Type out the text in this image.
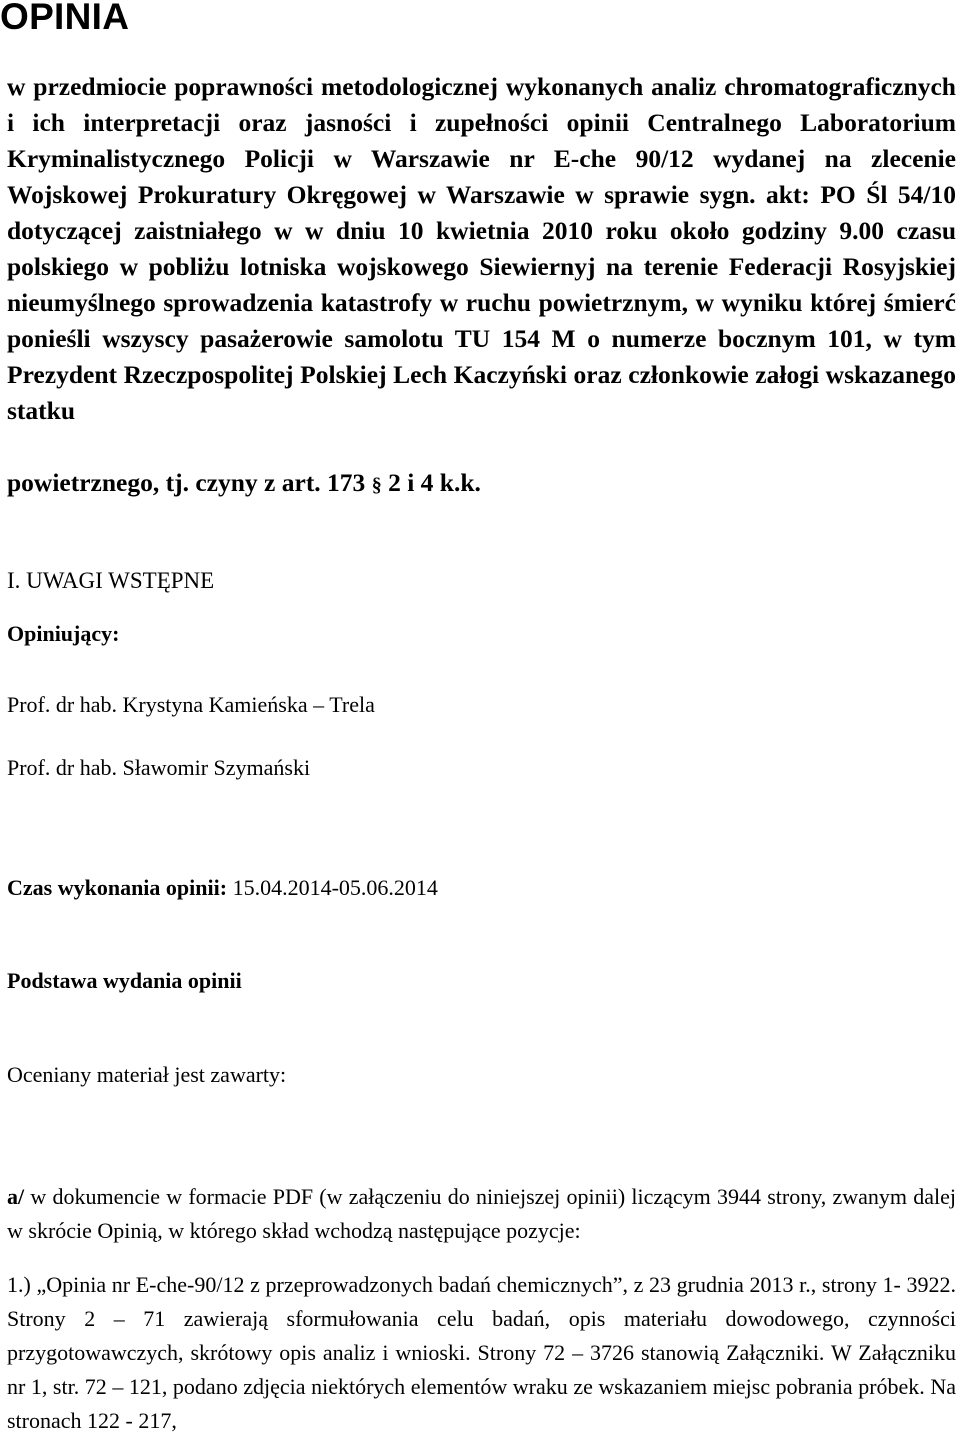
OPINIA

w przedmiocie poprawności metodologicznej wykonanych analiz chromatograficznych i ich interpretacji oraz jasności i zupełności opinii Centralnego Laboratorium Kryminalistycznego Policji w Warszawie nr E-che 90/12 wydanej na zlecenie Wojskowej Prokuratury Okręgowej w Warszawie w sprawie sygn. akt: PO Śl 54/10 dotyczącej zaistniałego w w dniu 10 kwietnia 2010 roku około godziny 9.00 czasu polskiego w pobliżu lotniska wojskowego Siewiernyj na terenie Federacji Rosyjskiej nieumyślnego sprowadzenia katastrofy w ruchu powietrznym, w wyniku której śmierć ponieśli wszyscy pasażerowie samolotu TU 154 M o numerze bocznym 101, w tym Prezydent Rzeczpospolitej Polskiej Lech Kaczyński oraz członkowie załogi wskazanego statku

powietrznego, tj. czyny z art. 173 § 2 i 4 k.k.

I. UWAGI WSTĘPNE

Opiniujący:

Prof. dr hab. Krystyna Kamieńska – Trela

Prof. dr hab. Sławomir Szymański

Czas wykonania opinii: 15.04.2014-05.06.2014

Podstawa wydania opinii

Oceniany materiał jest zawarty:

a/ w dokumencie w formacie PDF (w załączeniu do niniejszej opinii) liczącym 3944 strony, zwanym dalej w skrócie Opinią, w którego skład wchodzą następujące pozycje:

1.) „Opinia nr E-che-90/12 z przeprowadzonych badań chemicznych”, z 23 grudnia 2013 r., strony 1- 3922. Strony 2 – 71 zawierają sformułowania celu badań, opis materiału dowodowego, czynności przygotowawczych, skrótowy opis analiz i wnioski. Strony 72 – 3726 stanowią Załączniki. W Załączniku nr 1, str. 72 – 121, podano zdjęcia niektórych elementów wraku ze wskazaniem miejsc pobrania próbek. Na stronach 122 - 217,
